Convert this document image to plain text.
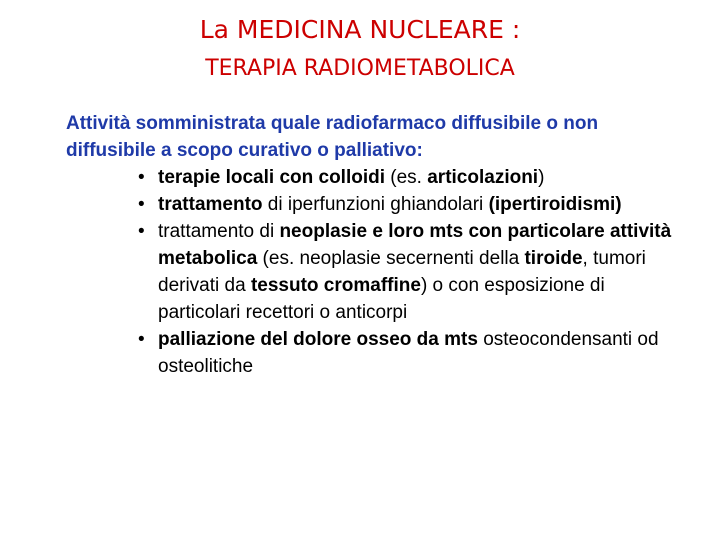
La MEDICINA NUCLEARE :
TERAPIA RADIOMETABOLICA

Attività somministrata quale radiofarmaco diffusibile o non diffusibile a scopo curativo o palliativo:

• terapie locali con colloidi (es. articolazioni)
• trattamento di iperfunzioni ghiandolari (ipertiroidismi)
• trattamento di neoplasie e loro mts con particolare attività metabolica (es. neoplasie secernenti della tiroide, tumori derivati da tessuto cromaffine) o con esposizione di particolari recettori o anticorpi
• palliazione del dolore osseo da mts osteocondensanti od osteolitiche
